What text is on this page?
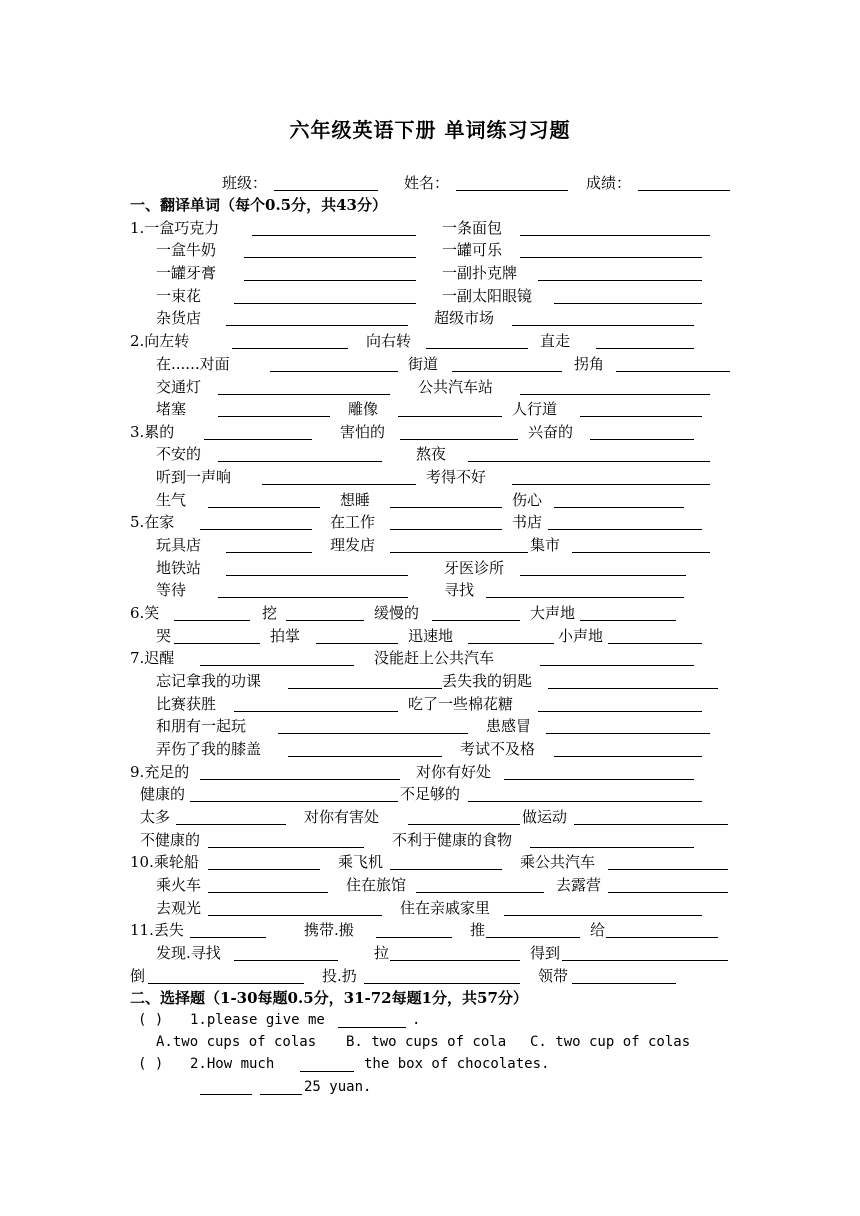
六年级英语下册 单词练习习题
班级：	姓名：	成绩：
一、翻译单词（每个0.5分，共43分）
1.一盒巧克力	一条面包
一盒牛奶	一罐可乐
一罐牙膏	一副扑克牌
一束花	一副太阳眼镜
杂货店	超级市场
2.向左转	向右转	直走
在......对面	街道	拐角
交通灯	公共汽车站
堵塞	雕像	人行道
3.累的	害怕的	兴奋的
不安的	熬夜
听到一声响	考得不好
生气	想睡	伤心
5.在家	在工作	书店
玩具店	理发店	集市
地铁站	牙医诊所
等待	寻找
6.笑	挖	缓慢的	大声地
哭	拍掌	迅速地	小声地
7.迟醒	没能赶上公共汽车
忘记拿我的功课	丢失我的钥匙
比赛获胜	吃了一些棉花糖
和朋有一起玩	患感冒
弄伤了我的膝盖	考试不及格
9.充足的	对你有好处
健康的	不足够的
太多	对你有害处	做运动
不健康的	不利于健康的食物
10.乘轮船	乘飞机	乘公共汽车
乘火车	住在旅馆	去露营
去观光	住在亲戚家里
11.丢失	携带.搬	推	给
发现.寻找	拉	得到
倒	投.扔	领带
二、选择题（1-30每题0.5分，31-72每题1分，共57分）
( ) 1.please give me	.
A.two cups of colas B. two cups of cola C. two cup of colas
( ) 2.How much	the box of chocolates.
25 yuan.
